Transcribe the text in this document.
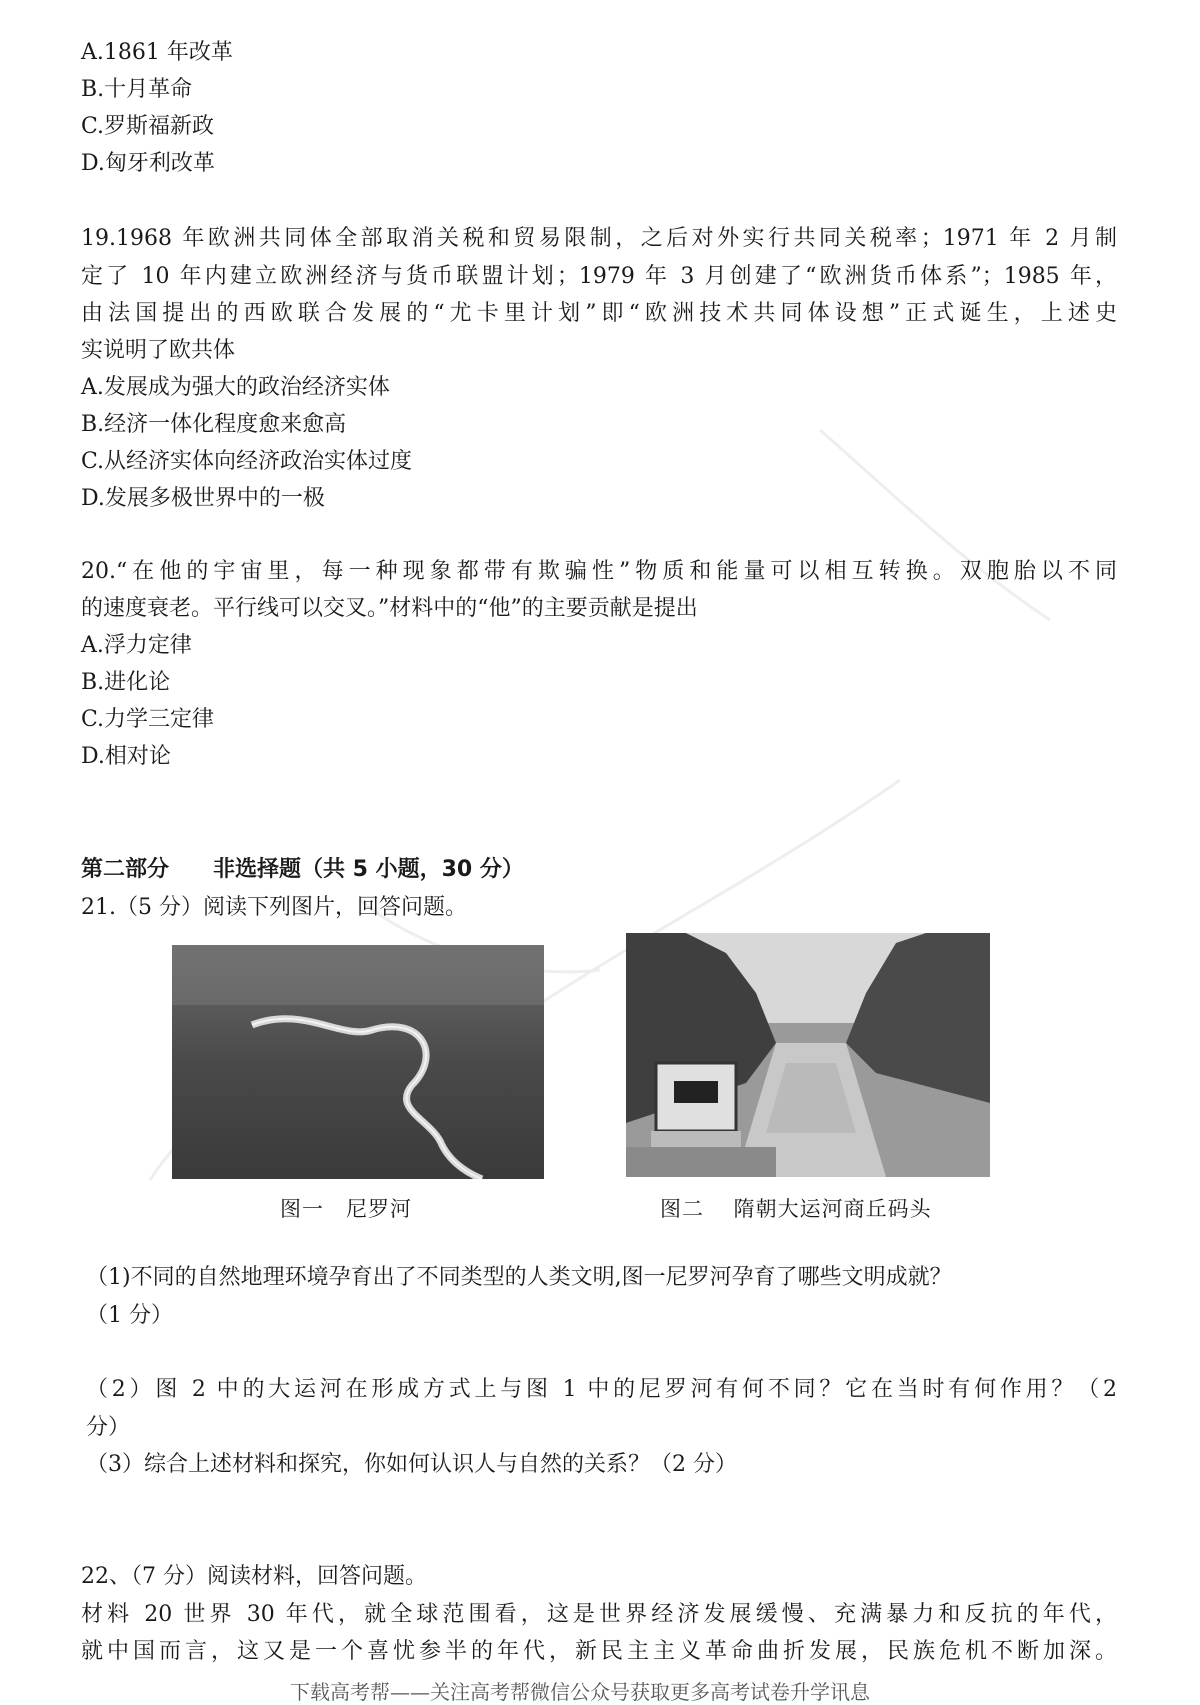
A.1861 年改革
B.十月革命
C.罗斯福新政
D.匈牙利改革
19.1968 年欧洲共同体全部取消关税和贸易限制，之后对外实行共同关税率；1971 年 2 月制
定了 10 年内建立欧洲经济与货币联盟计划；1979 年 3 月创建了“欧洲货币体系”；1985 年，
由法国提出的西欧联合发展的“尤卡里计划”即“欧洲技术共同体设想”正式诞生，上述史
实说明了欧共体
A.发展成为强大的政治经济实体
B.经济一体化程度愈来愈高
C.从经济实体向经济政治实体过度
D.发展多极世界中的一极
20.“在他的宇宙里，每一种现象都带有欺骗性”物质和能量可以相互转换。双胞胎以不同
的速度衰老。平行线可以交叉。”材料中的“他”的主要贡献是提出
A.浮力定律
B.进化论
C.力学三定律
D.相对论
第二部分　　非选择题（共 5 小题，30 分）
21.（5 分）阅读下列图片，回答问题。
图一　尼罗河	图二　 隋朝大运河商丘码头
（1)不同的自然地理环境孕育出了不同类型的人类文明,图一尼罗河孕育了哪些文明成就？
（1 分）
（2）图 2 中的大运河在形成方式上与图 1 中的尼罗河有何不同？它在当时有何作用？（2
分）
（3）综合上述材料和探究，你如何认识人与自然的关系？（2 分）
22、（7 分）阅读材料，回答问题。
材料 20 世界 30 年代，就全球范围看，这是世界经济发展缓慢、充满暴力和反抗的年代，
就中国而言，这又是一个喜忧参半的年代，新民主主义革命曲折发展，民族危机不断加深。
下载高考帮——关注高考帮微信公众号获取更多高考试卷升学讯息
